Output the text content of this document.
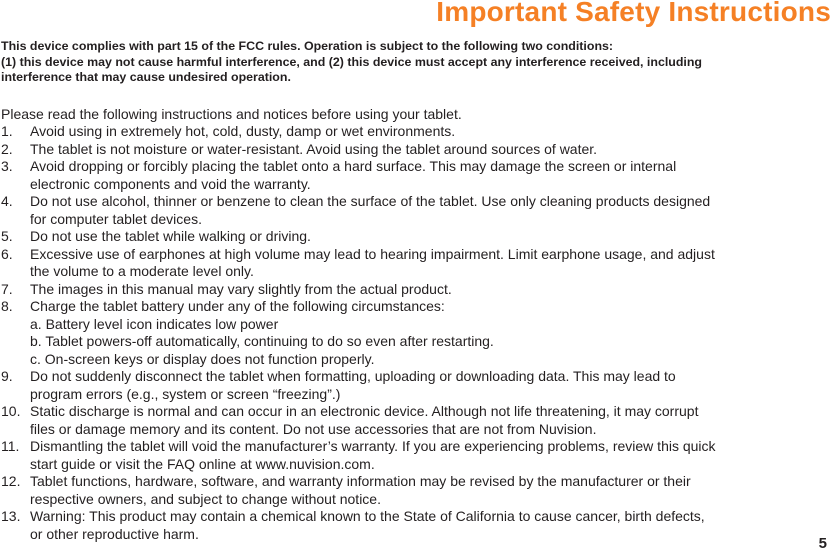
Important Safety Instructions
This device complies with part 15 of the FCC rules. Operation is subject to the following two conditions:
(1) this device may not cause harmful interference, and (2) this device must accept any interference received, including
interference that may cause undesired operation.
Please read the following instructions and notices before using your tablet.
1.	Avoid using in extremely hot, cold, dusty, damp or wet environments.
2.	The tablet is not moisture or water-resistant. Avoid using the tablet around sources of water.
3.	Avoid dropping or forcibly placing the tablet onto a hard surface. This may damage the screen or internal
electronic components and void the warranty.
4.	Do not use alcohol, thinner or benzene to clean the surface of the tablet. Use only cleaning products designed
for computer tablet devices.
5.	Do not use the tablet while walking or driving.
6.	Excessive use of earphones at high volume may lead to hearing impairment. Limit earphone usage, and adjust
the volume to a moderate level only.
7.	The images in this manual may vary slightly from the actual product.
8.	Charge the tablet battery under any of the following circumstances:
a. Battery level icon indicates low power
b. Tablet powers-off automatically, continuing to do so even after restarting.
c. On-screen keys or display does not function properly.
9.	Do not suddenly disconnect the tablet when formatting, uploading or downloading data. This may lead to
program errors (e.g., system or screen “freezing”.)
10. Static discharge is normal and can occur in an electronic device. Although not life threatening, it may corrupt
files or damage memory and its content. Do not use accessories that are not from Nuvision.
11. Dismantling the tablet will void the manufacturer’s warranty. If you are experiencing problems, review this quick
start guide or visit the FAQ online at www.nuvision.com.
12. Tablet functions, hardware, software, and warranty information may be revised by the manufacturer or their
respective owners, and subject to change without notice.
13. Warning: This product may contain a chemical known to the State of California to cause cancer, birth defects,
or other reproductive harm.
5
